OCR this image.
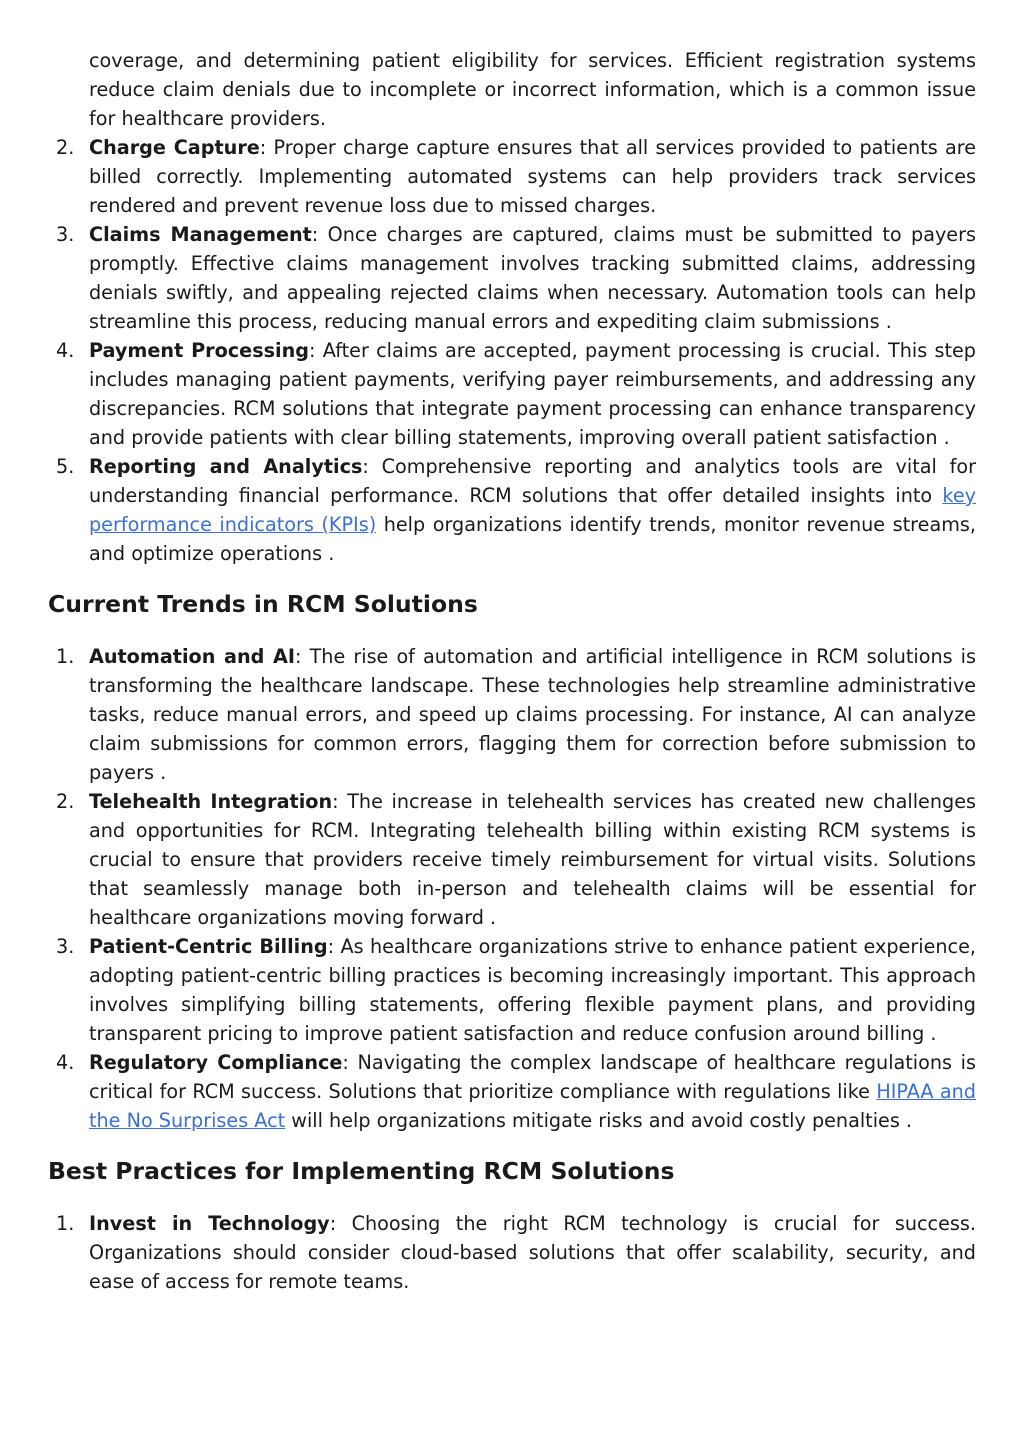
coverage, and determining patient eligibility for services. Efficient registration systems reduce claim denials due to incomplete or incorrect information, which is a common issue for healthcare providers.

2. Charge Capture: Proper charge capture ensures that all services provided to patients are billed correctly. Implementing automated systems can help providers track services rendered and prevent revenue loss due to missed charges.
3. Claims Management: Once charges are captured, claims must be submitted to payers promptly. Effective claims management involves tracking submitted claims, addressing denials swiftly, and appealing rejected claims when necessary. Automation tools can help streamline this process, reducing manual errors and expediting claim submissions .
4. Payment Processing: After claims are accepted, payment processing is crucial. This step includes managing patient payments, verifying payer reimbursements, and addressing any discrepancies. RCM solutions that integrate payment processing can enhance transparency and provide patients with clear billing statements, improving overall patient satisfaction .
5. Reporting and Analytics: Comprehensive reporting and analytics tools are vital for understanding financial performance. RCM solutions that offer detailed insights into key performance indicators (KPIs) help organizations identify trends, monitor revenue streams, and optimize operations .
Current Trends in RCM Solutions
1. Automation and AI: The rise of automation and artificial intelligence in RCM solutions is transforming the healthcare landscape. These technologies help streamline administrative tasks, reduce manual errors, and speed up claims processing. For instance, AI can analyze claim submissions for common errors, flagging them for correction before submission to payers .
2. Telehealth Integration: The increase in telehealth services has created new challenges and opportunities for RCM. Integrating telehealth billing within existing RCM systems is crucial to ensure that providers receive timely reimbursement for virtual visits. Solutions that seamlessly manage both in-person and telehealth claims will be essential for healthcare organizations moving forward .
3. Patient-Centric Billing: As healthcare organizations strive to enhance patient experience, adopting patient-centric billing practices is becoming increasingly important. This approach involves simplifying billing statements, offering flexible payment plans, and providing transparent pricing to improve patient satisfaction and reduce confusion around billing .
4. Regulatory Compliance: Navigating the complex landscape of healthcare regulations is critical for RCM success. Solutions that prioritize compliance with regulations like HIPAA and the No Surprises Act will help organizations mitigate risks and avoid costly penalties .
Best Practices for Implementing RCM Solutions
1. Invest in Technology: Choosing the right RCM technology is crucial for success. Organizations should consider cloud-based solutions that offer scalability, security, and ease of access for remote teams.
